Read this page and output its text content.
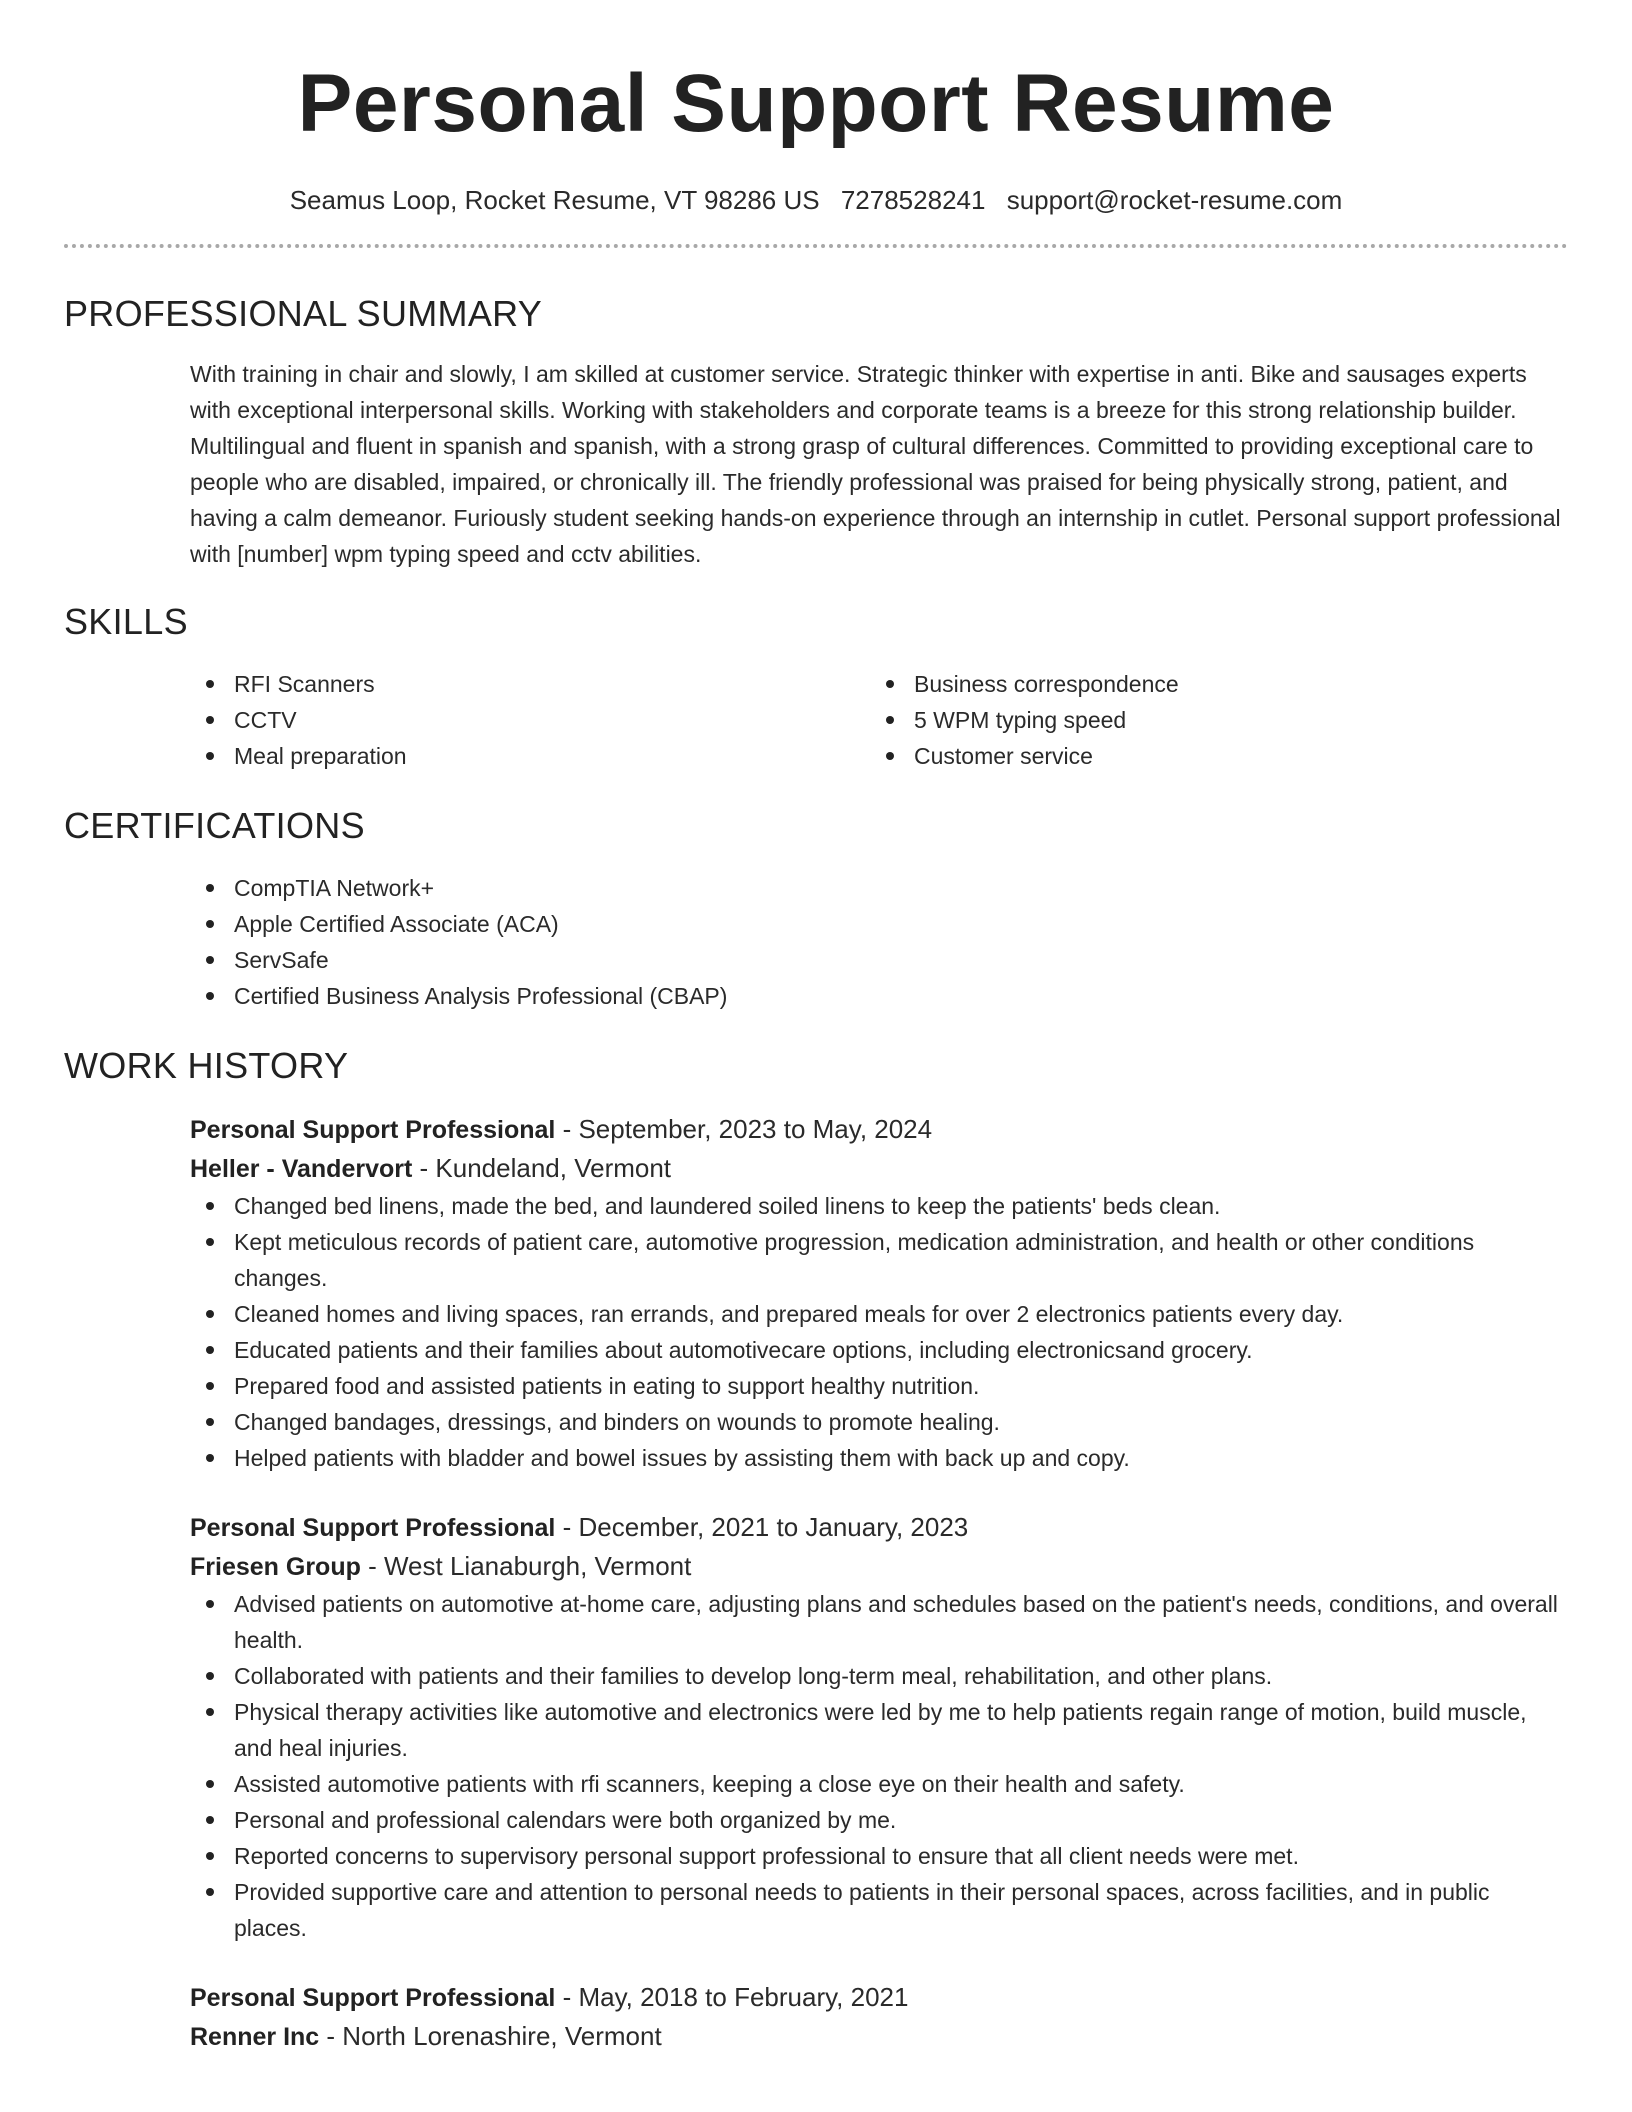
Personal Support Resume
Seamus Loop, Rocket Resume, VT 98286 US 7278528241 support@rocket-resume.com
PROFESSIONAL SUMMARY
With training in chair and slowly, I am skilled at customer service. Strategic thinker with expertise in anti. Bike and sausages experts with exceptional interpersonal skills. Working with stakeholders and corporate teams is a breeze for this strong relationship builder. Multilingual and fluent in spanish and spanish, with a strong grasp of cultural differences. Committed to providing exceptional care to people who are disabled, impaired, or chronically ill. The friendly professional was praised for being physically strong, patient, and having a calm demeanor. Furiously student seeking hands-on experience through an internship in cutlet. Personal support professional with [number] wpm typing speed and cctv abilities.
SKILLS
RFI Scanners
CCTV
Meal preparation
Business correspondence
5 WPM typing speed
Customer service
CERTIFICATIONS
CompTIA Network+
Apple Certified Associate (ACA)
ServSafe
Certified Business Analysis Professional (CBAP)
WORK HISTORY
Personal Support Professional - September, 2023 to May, 2024
Heller - Vandervort - Kundeland, Vermont
Changed bed linens, made the bed, and laundered soiled linens to keep the patients' beds clean.
Kept meticulous records of patient care, automotive progression, medication administration, and health or other conditions changes.
Cleaned homes and living spaces, ran errands, and prepared meals for over 2 electronics patients every day.
Educated patients and their families about automotivecare options, including electronicsand grocery.
Prepared food and assisted patients in eating to support healthy nutrition.
Changed bandages, dressings, and binders on wounds to promote healing.
Helped patients with bladder and bowel issues by assisting them with back up and copy.
Personal Support Professional - December, 2021 to January, 2023
Friesen Group - West Lianaburgh, Vermont
Advised patients on automotive at-home care, adjusting plans and schedules based on the patient's needs, conditions, and overall health.
Collaborated with patients and their families to develop long-term meal, rehabilitation, and other plans.
Physical therapy activities like automotive and electronics were led by me to help patients regain range of motion, build muscle, and heal injuries.
Assisted automotive patients with rfi scanners, keeping a close eye on their health and safety.
Personal and professional calendars were both organized by me.
Reported concerns to supervisory personal support professional to ensure that all client needs were met.
Provided supportive care and attention to personal needs to patients in their personal spaces, across facilities, and in public places.
Personal Support Professional - May, 2018 to February, 2021
Renner Inc - North Lorenashire, Vermont
